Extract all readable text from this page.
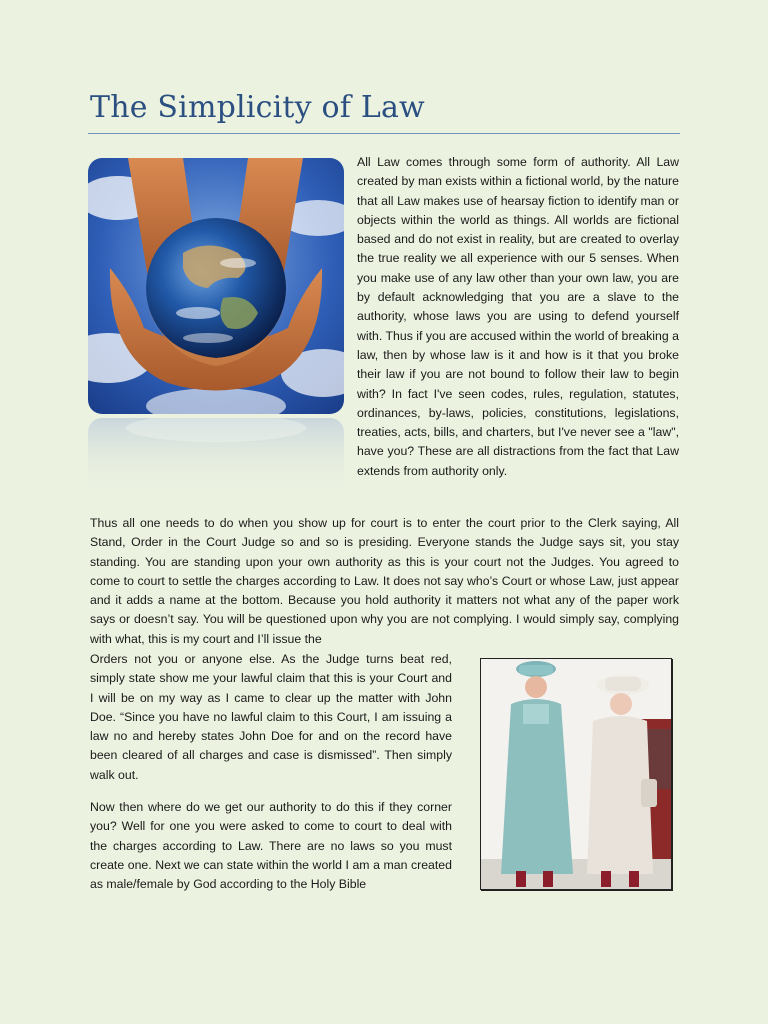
The Simplicity of Law

All Law comes through some form of authority. All Law created by man exists within a fictional world, by the nature that all Law makes use of hearsay fiction to identify man or objects within the world as things. All worlds are fictional based and do not exist in reality, but are created to overlay the true reality we all experience with our 5 senses. When you make use of any law other than your own law, you are by default acknowledging that you are a slave to the authority, whose laws you are using to defend yourself with. Thus if you are accused within the world of breaking a law, then by whose law is it and how is it that you broke their law if you are not bound to follow their law to begin with? In fact I've seen codes, rules, regulation, statutes, ordinances, by-laws, policies, constitutions, legislations, treaties, acts, bills, and charters, but I've never see a "law", have you? These are all distractions from the fact that Law extends from authority only.

Thus all one needs to do when you show up for court is to enter the court prior to the Clerk saying, All Stand, Order in the Court Judge so and so is presiding. Everyone stands the Judge says sit, you stay standing. You are standing upon your own authority as this is your court not the Judges. You agreed to come to court to settle the charges according to Law. It does not say who’s Court or whose Law, just appear and it adds a name at the bottom. Because you hold authority it matters not what any of the paper work says or doesn’t say. You will be questioned upon why you are not complying. I would simply say, complying with what, this is my court and I’ll issue the

Orders not you or anyone else. As the Judge turns beat red, simply state show me your lawful claim that this is your Court and I will be on my way as I came to clear up the matter with John Doe. “Since you have no lawful claim to this Court, I am issuing a law no and hereby states John Doe for and on the record have been cleared of all charges and case is dismissed”. Then simply walk out.

Now then where do we get our authority to do this if they corner you? Well for one you were asked to come to court to deal with the charges according to Law. There are no laws so you must create one. Next we can state within the world I am a man created as male/female by God according to the Holy Bible
